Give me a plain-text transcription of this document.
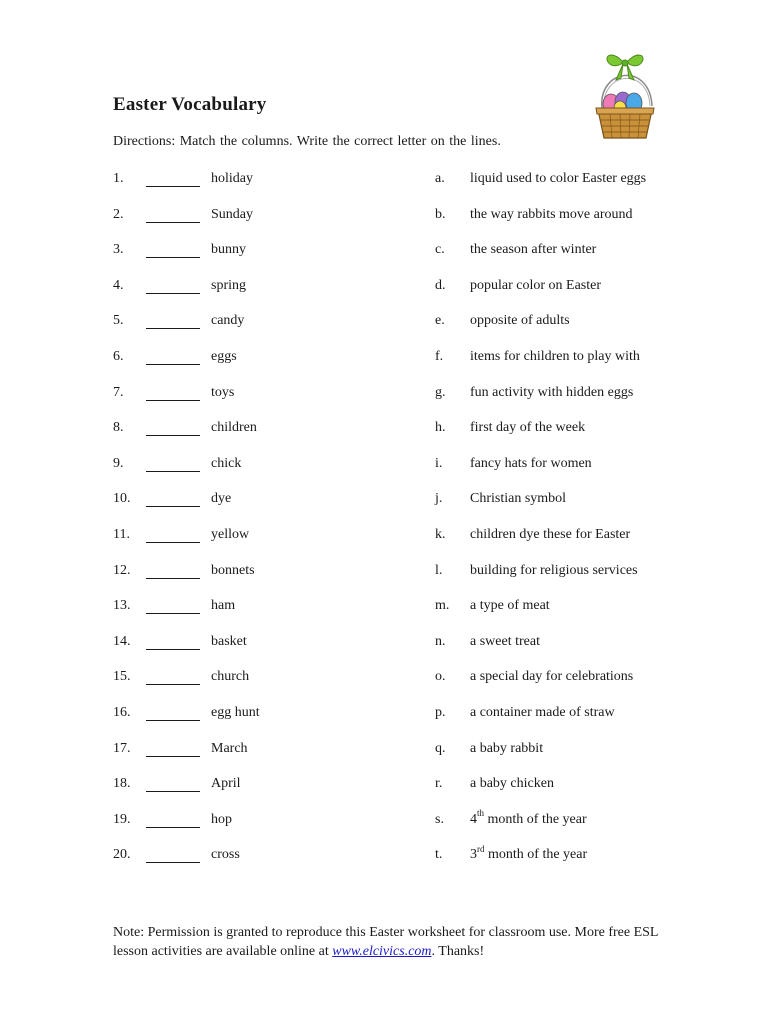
Easter Vocabulary
Directions: Match the columns. Write the correct letter on the lines.
1.	holiday	a. liquid used to color Easter eggs
2.	Sunday	b. the way rabbits move around
3.	bunny	c. the season after winter
4.	spring	d. popular color on Easter
5.	candy	e. opposite of adults
6.	eggs	f. items for children to play with
7.	toys	g. fun activity with hidden eggs
8.	children	h. first day of the week
9.	chick	i. fancy hats for women
10.	dye	j. Christian symbol
11.	yellow	k. children dye these for Easter
12.	bonnets	l. building for religious services
13.	ham	m. a type of meat
14.	basket	n. a sweet treat
15.	church	o. a special day for celebrations
16.	egg hunt	p. a container made of straw
17.	March	q. a baby rabbit
18.	April	r. a baby chicken
19.	hop	s. 4th month of the year
20.	cross	t. 3rd month of the year
Note: Permission is granted to reproduce this Easter worksheet for classroom use. More free ESL lesson activities are available online at www.elcivics.com. Thanks!
